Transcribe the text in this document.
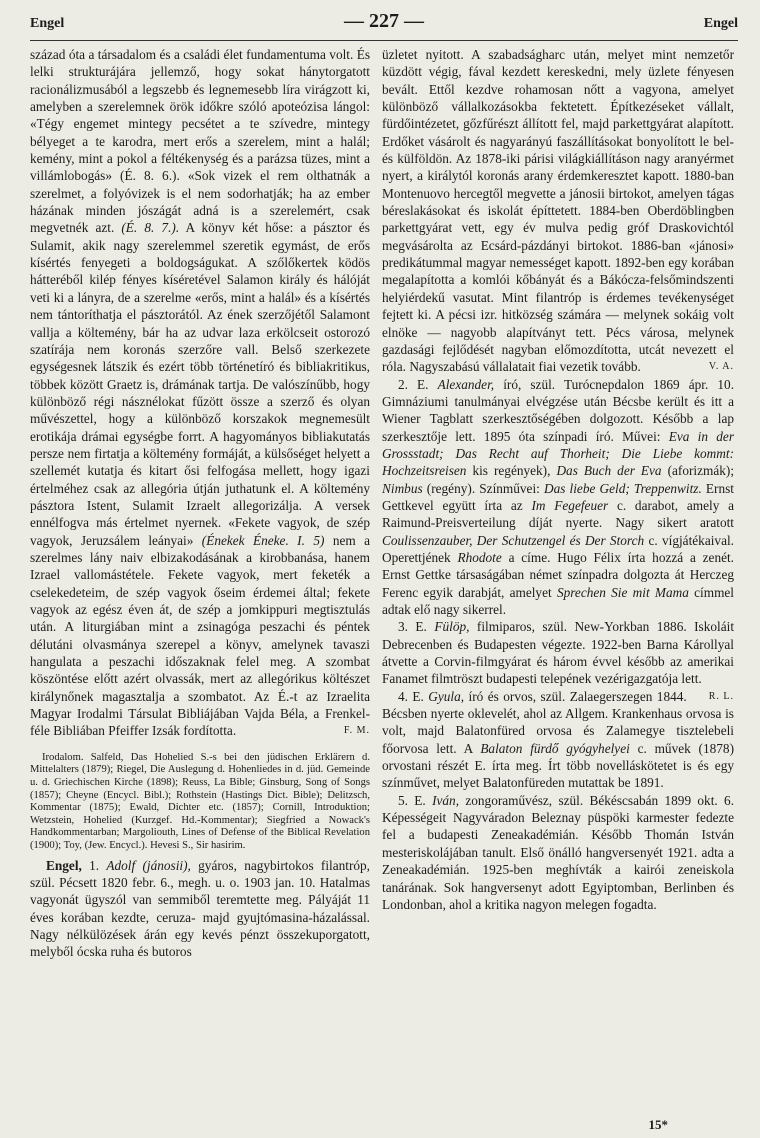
Engel	— 227 —	Engel

század óta a társadalom és a családi élet fundamentuma volt. És lelki strukturájára jellemző, hogy sokat hánytorgatott racionálizmusából a legszebb és legnemesebb líra virágzott ki, amelyben a szerelemnek örök időkre szóló apoteózisa lángol: «Tégy engemet mintegy pecsétet a te szívedre, mintegy bélyeget a te karodra, mert erős a szerelem, mint a halál; kemény, mint a pokol a féltékenység és a parázsa tüzes, mint a villámlobogás» (É. 8. 6.). «Sok vizek el rem olthatnák a szerelmet, a folyóvizek is el nem sodorhatják; ha az ember házának minden jószágát adná is a szerelemért, csak megvetnék azt. (É. 8. 7.). A könyv két hőse: a pásztor és Sulamit, akik nagy szerelemmel szeretik egymást, de erős kísértés fenyegeti a boldogságukat. A szőlőkertek ködös hátteréből kilép fényes kíséretével Salamon király és hálóját veti ki a lányra, de a szerelme «erős, mint a halál» és a kísértés nem tántoríthatja el pásztorától. Az ének szerzőjétől Salamont vallja a költemény, bár ha az udvar laza erkölcseit ostorozó szatírája nem koronás szerzőre vall. Belső szerkezete egységesnek látszik és ezért több történetíró és bibliakritikus, többek között Graetz is, drámának tartja. De valószínűbb, hogy különböző régi násznélokat fűzött össze a szerző és olyan művészettel, hogy a különböző korszakok megnemesült erotikája drámai egységbe forrt. A hagyományos bibliakutatás persze nem firtatja a költemény formáját, a külsőséget helyett a szellemét kutatja és kitart ősi felfogása mellett, hogy igazi értelméhez csak az allegória útján juthatunk el. A költemény pásztora Istent, Sulamit Izraelt allegorizálja. A versek ennélfogva más értelmet nyernek. «Fekete vagyok, de szép vagyok, Jeruzsálem leányai» (Énekek Éneke. I. 5) nem a szerelmes lány naiv elbizakodásának a kirobbanása, hanem Izrael vallomástétele. Fekete vagyok, mert feketék a cselekedeteim, de szép vagyok őseim érdemei által; fekete vagyok az egész éven át, de szép a jomkippuri megtisztulás után. A liturgiában mint a zsinagóga peszachi és péntek délutáni olvasmánya szerepel a könyv, amelynek tavaszi hangulata a peszachi időszaknak felel meg. A szombat köszöntése előtt azért olvassák, mert az allegórikus költészet királynőnek magasztalja a szombatot. Az É.-t az Izraelita Magyar Irodalmi Társulat Bibliájában Vajda Béla, a Frenkel-féle Bibliában Pfeiffer Izsák fordította.	F. M.

Irodalom. Salfeld, Das Hohelied S.-s bei den jüdischen Erklärern d. Mittelalters (1879); Riegel, Die Auslegung d. Hohenliedes in d. jüd. Gemeinde u. d. Griechischen Kirche (1898); Reuss, La Bible; Ginsburg, Song of Songs (1857); Cheyne (Encycl. Bibl.); Rothstein (Hastings Dict. Bible); Delitzsch, Kommentar (1875); Ewald, Dichter etc. (1857); Cornill, Introduktion; Wetzstein, Hohelied (Kurzgef. Hd.-Kommentar); Siegfried a Nowack's Handkommentarban; Margoliouth, Lines of Defense of the Biblical Revelation (1900); Toy, (Jew. Encycl.). Hevesi S., Sir hasirim.

Engel, 1. Adolf (jánosii), gyáros, nagybirtokos filantróp, szül. Pécsett 1820 febr. 6., megh. u. o. 1903 jan. 10. Hatalmas vagyonát ügyszól van semmiből teremtette meg. Pályáját 11 éves korában kezdte, ceruza- majd gyujtómasina-házalással. Nagy nélkülözések árán egy kevés pénzt összekuporgatott, melyből ócska ruha és butoros

üzletet nyitott. A szabadságharc után, melyet mint nemzetőr küzdött végig, fával kezdett kereskedni, mely üzlete fényesen bevált. Ettől kezdve rohamosan nőtt a vagyona, amelyet különböző vállalkozásokba fektetett. Építkezéseket vállalt, fürdőintézetet, gőzfűrészt állított fel, majd parkettgyárat alapított. Erdőket vásárolt és nagyarányú faszállításokat bonyolított le bel- és külföldön. Az 1878-iki párisi világkiállításon nagy aranyérmet nyert, a királytól koronás arany érdemkeresztet kapott. 1880-ban Montenuovo hercegtől megvette a jánosii birtokot, amelyen tágas béreslakásokat és iskolát építtetett. 1884-ben Oberdöblingben parkettgyárat vett, egy év mulva pedig gróf Draskovichtól megvásárolta az Ecsárd-pázdányi birtokot. 1886-ban «jánosi» predikátummal magyar nemességet kapott. 1892-ben egy korában megalapította a komlói kőbányát és a Bákócza-felsőmindszenti helyiérdekű vasutat. Mint filantróp is érdemes tevékenységet fejtett ki. A pécsi izr. hitközség számára — melynek sokáig volt elnöke — nagyobb alapítványt tett. Pécs városa, melynek gazdasági fejlődését nagyban előmozdította, utcát nevezett el róla. Nagyszabású vállalatait fiai vezetik tovább.	V. A.

2. E. Alexander, író, szül. Turócnepdalon 1869 ápr. 10. Gimnáziumi tanulmányai elvégzése után Bécsbe került és itt a Wiener Tagblatt szerkesztőségében dolgozott. Később a lap szerkesztője lett. 1895 óta színpadi író. Művei: Eva in der Grossstadt; Das Recht auf Thorheit; Die Liebe kommt: Hochzeitsreisen kis regények), Das Buch der Eva (aforizmák); Nimbus (regény). Színművei: Das liebe Geld; Treppenwitz. Ernst Gettkevel együtt írta az Im Fegefeuer c. darabot, amely a Raimund-Preisverteilung díját nyerte. Nagy sikert aratott Coulissenzauber, Der Schutzengel és Der Storch c. vígjátékaival. Operettjének Rhodote a címe. Hugo Félix írta hozzá a zenét. Ernst Gettke társaságában német színpadra dolgozta át Herczeg Ferenc egyik darabját, amelyet Sprechen Sie mit Mama címmel adtak elő nagy sikerrel.

3. E. Fülöp, filmiparos, szül. New-Yorkban 1886. Iskoláit Debrecenben és Budapesten végezte. 1922-ben Barna Károllyal átvette a Corvin-filmgyárat és három évvel később az amerikai Fanamet filmtröszt budapesti telepének vezérigazgatója lett.
R. L.

4. E. Gyula, író és orvos, szül. Zalaegerszegen 1844. Bécsben nyerte oklevelét, ahol az Allgem. Krankenhaus orvosa is volt, majd Balatonfüred orvosa és Zalamegye tisztelebeli főorvosa lett. A Balaton fürdő gyógyhelyei c. művek (1878) orvostani részét E. írta meg. Írt több novelláskötetet is és egy színművet, melyet Balatonfüreden mutattak be 1891.

5. E. Iván, zongoraművész, szül. Békéscsabán 1899 okt. 6. Képességeit Nagyváradon Beleznay püspöki karmester fedezte fel a budapesti Zeneakadémián. Később Thomán István mesteriskolájában tanult. Első önálló hangversenyét 1921. adta a Zeneakadémián. 1925-ben meghívták a kairói zeneiskola tanárának. Sok hangversenyt adott Egyiptomban, Berlinben és Londonban, ahol a kritika nagyon melegen fogadta.

15*
